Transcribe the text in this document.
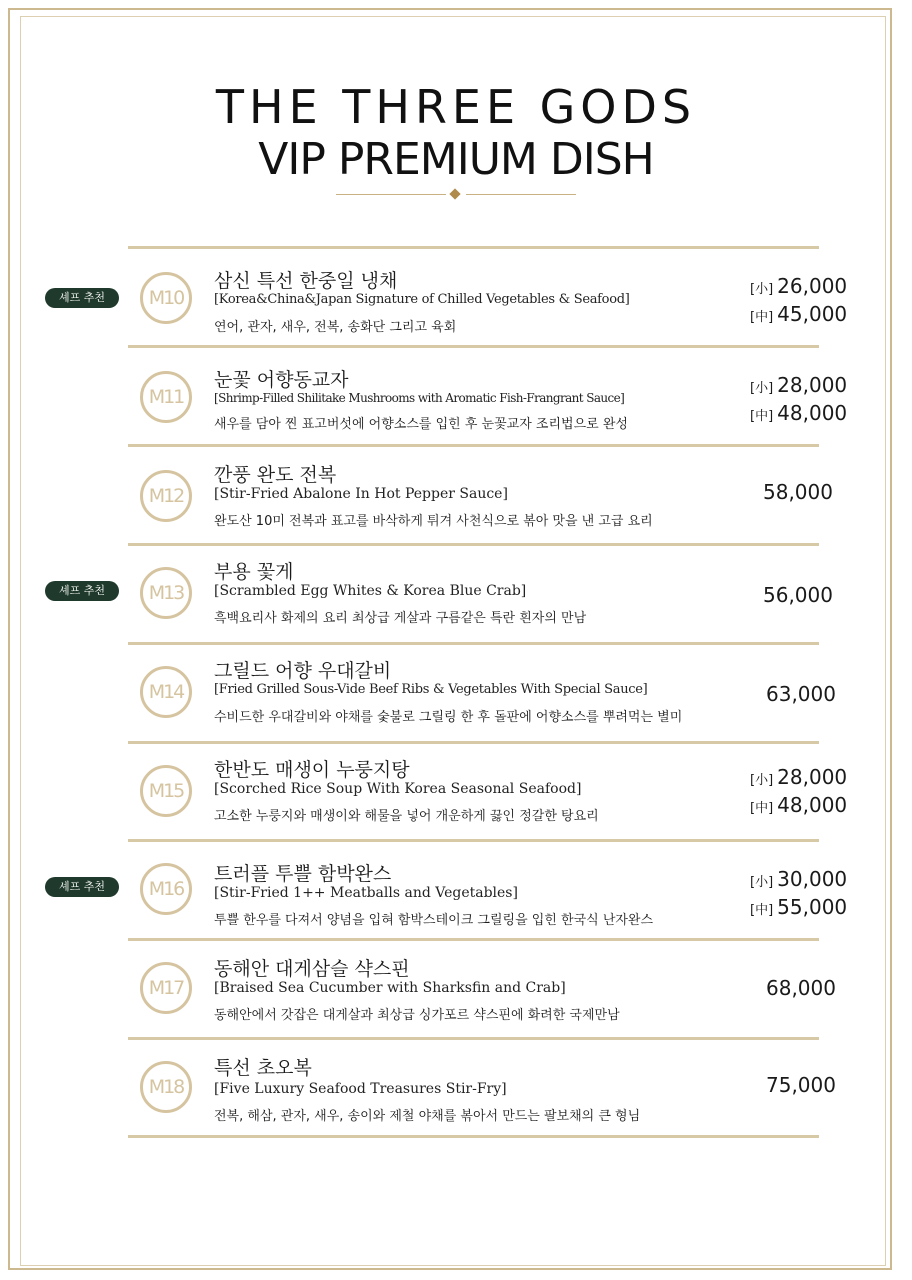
THE THREE GODS
VIP PREMIUM DISH
셰프 추천	M10
삼신 특선 한중일 냉채
[Korea&China&Japan Signature of Chilled Vegetables & Seafood]
연어, 관자, 새우, 전복, 송화단 그리고 육회
[小] 26,000
[中] 45,000
M11
눈꽃 어향동교자
[Shrimp-Filled Shilitake Mushrooms with Aromatic Fish-Frangrant Sauce]
새우를 담아 찐 표고버섯에 어향소스를 입힌 후 눈꽃교자 조리법으로 완성
[小] 28,000
[中] 48,000
M12
깐풍 완도 전복
[Stir-Fried Abalone In Hot Pepper Sauce]
완도산 10미 전복과 표고를 바삭하게 튀겨 사천식으로 볶아 맛을 낸 고급 요리
58,000
셰프 추천	M13
부용 꽃게
[Scrambled Egg Whites & Korea Blue Crab]
흑백요리사 화제의 요리 최상급 게살과 구름같은 특란 흰자의 만남
56,000
M14
그릴드 어향 우대갈비
[Fried Grilled Sous-Vide Beef Ribs & Vegetables With Special Sauce]
수비드한 우대갈비와 야채를 숯불로 그릴링 한 후 돌판에 어향소스를 뿌려먹는 별미
63,000
M15
한반도 매생이 누룽지탕
[Scorched Rice Soup With Korea Seasonal Seafood]
고소한 누룽지와 매생이와 해물을 넣어 개운하게 끓인 정갈한 탕요리
[小] 28,000
[中] 48,000
셰프 추천	M16
트러플 투쁠 함박완스
[Stir-Fried 1++ Meatballs and Vegetables]
투쁠 한우를 다져서 양념을 입혀 함박스테이크 그릴링을 입힌 한국식 난자완스
[小] 30,000
[中] 55,000
M17
동해안 대게삼슬 샥스핀
[Braised Sea Cucumber with Sharksfin and Crab]
동해안에서 갓잡은 대게살과 최상급 싱가포르 샥스핀에 화려한 국제만남
68,000
M18
특선 초오복
[Five Luxury Seafood Treasures Stir-Fry]
전복, 해삼, 관자, 새우, 송이와 제철 야채를 볶아서 만드는 팔보채의 큰 형님
75,000
